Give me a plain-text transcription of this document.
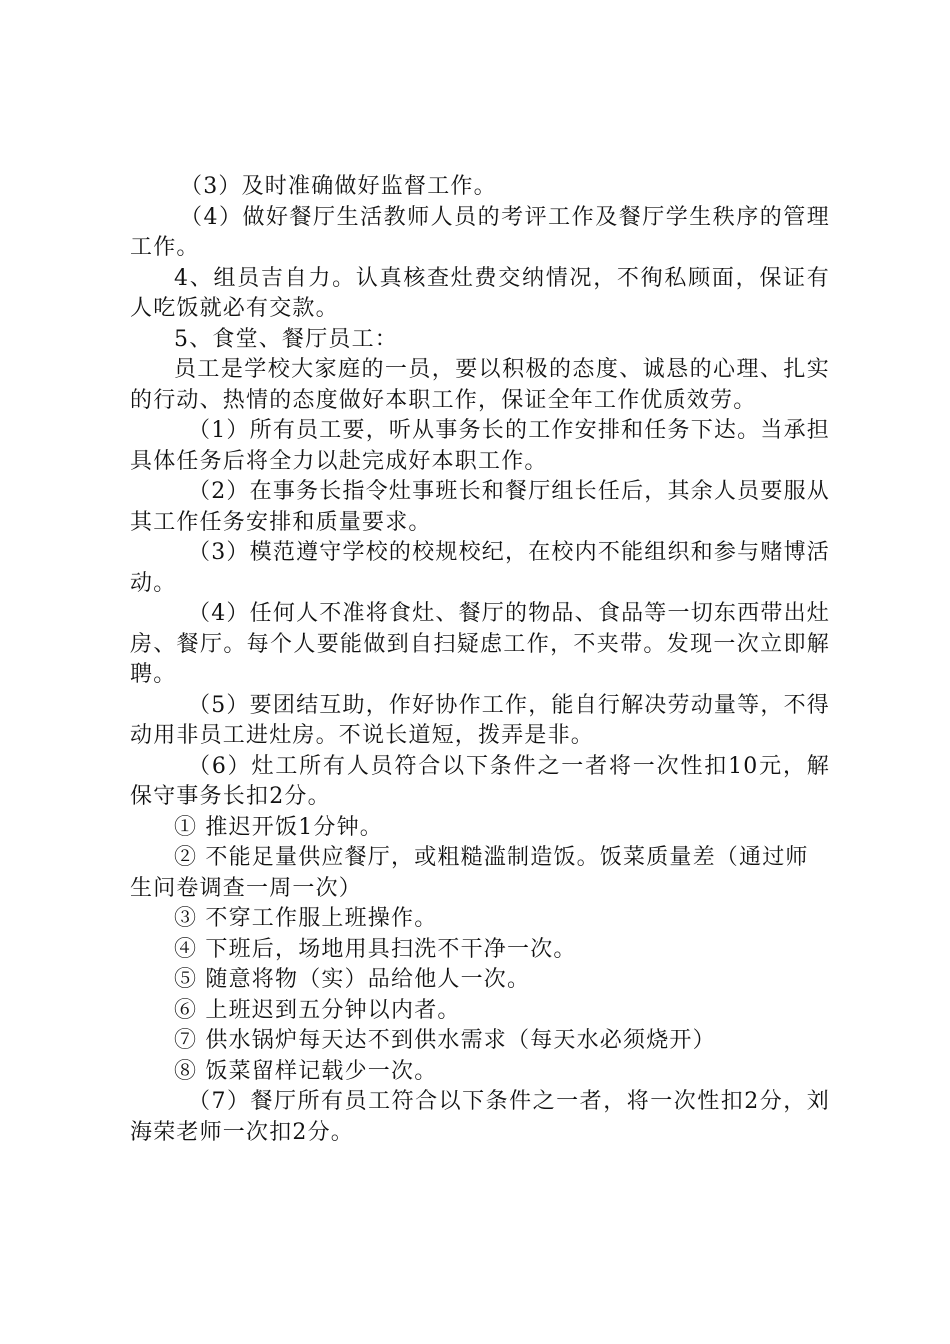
（3）及时准确做好监督工作。

（4）做好餐厅生活教师人员的考评工作及餐厅学生秩序的管理工作。

4、组员吉自力。认真核查灶费交纳情况，不徇私顾面，保证有人吃饭就必有交款。

5、食堂、餐厅员工：

员工是学校大家庭的一员，要以积极的态度、诚恳的心理、扎实的行动、热情的态度做好本职工作，保证全年工作优质效劳。

（1）所有员工要，听从事务长的工作安排和任务下达。当承担具体任务后将全力以赴完成好本职工作。

（2）在事务长指令灶事班长和餐厅组长任后，其余人员要服从其工作任务安排和质量要求。

（3）模范遵守学校的校规校纪，在校内不能组织和参与赌博活动。

（4）任何人不准将食灶、餐厅的物品、食品等一切东西带出灶房、餐厅。每个人要能做到自扫疑虑工作，不夹带。发现一次立即解聘。

（5）要团结互助，作好协作工作，能自行解决劳动量等，不得动用非员工进灶房。不说长道短，拨弄是非。

（6）灶工所有人员符合以下条件之一者将一次性扣10元，解保守事务长扣2分。

① 推迟开饭1分钟。

② 不能足量供应餐厅，或粗糙滥制造饭。饭菜质量差（通过师生问卷调查一周一次）

③ 不穿工作服上班操作。

④ 下班后，场地用具扫洗不干净一次。

⑤ 随意将物（实）品给他人一次。

⑥ 上班迟到五分钟以内者。

⑦ 供水锅炉每天达不到供水需求（每天水必须烧开）

⑧ 饭菜留样记载少一次。

（7）餐厅所有员工符合以下条件之一者，将一次性扣2分，刘海荣老师一次扣2分。
